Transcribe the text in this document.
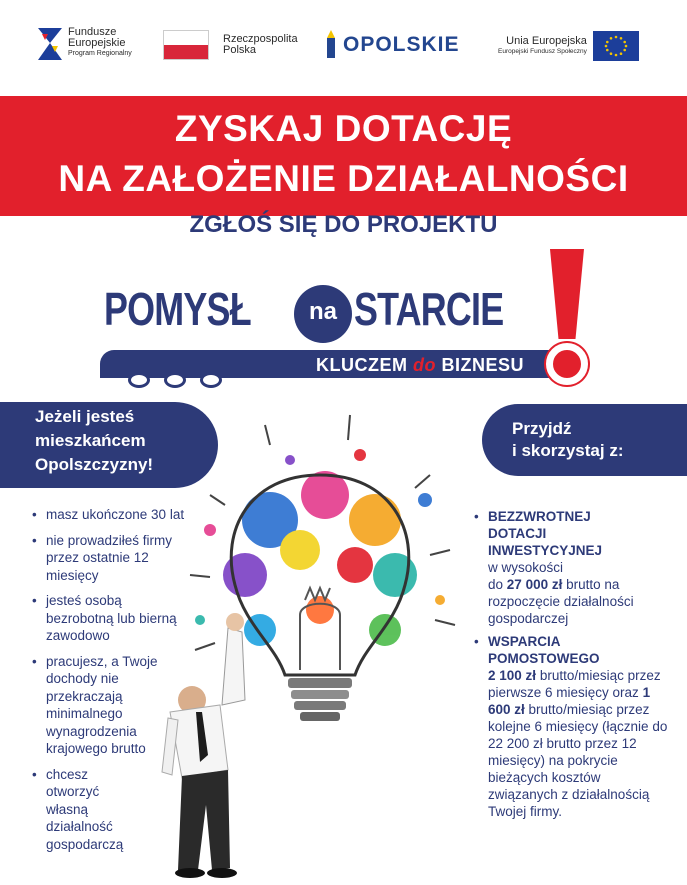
Fundusze
Europejskie
Program Regionalny
Rzeczpospolita
Polska	OPOLSKIE	Unia Europejska
Europejski Fundusz Społeczny
ZYSKAJ DOTACJĘ
NA ZAŁOŻENIE DZIAŁALNOŚCI
ZGŁOŚ SIĘ DO PROJEKTU
POMYSŁ	na STARCIE
KLUCZEM do BIZNESU
Jeżeli jesteś
mieszkańcem
Opolszczyzny!
Przyjdź
i skorzystaj z:
• masz ukończone 30 lat
• nie prowadziłeś firmy przez ostatnie 12 miesięcy
• jesteś osobą bezrobotną lub bierną zawodowo
• pracujesz, a Twoje dochody nie przekraczają minimalnego wynagrodzenia krajowego brutto
• chcesz otworzyć własną działalność gospodarczą
• BEZZWROTNEJ DOTACJI INWESTYCYJNEJ
w wysokości
do 27 000 zł brutto na rozpoczęcie działalności gospodarczej
• WSPARCIA POMOSTOWEGO
2 100 zł brutto/miesiąc przez pierwsze 6 miesięcy oraz 1 600 zł brutto/miesiąc przez kolejne 6 miesięcy (łącznie do 22 200 zł brutto przez 12 miesięcy) na pokrycie bieżących kosztów związanych z działalnością Twojej firmy.
